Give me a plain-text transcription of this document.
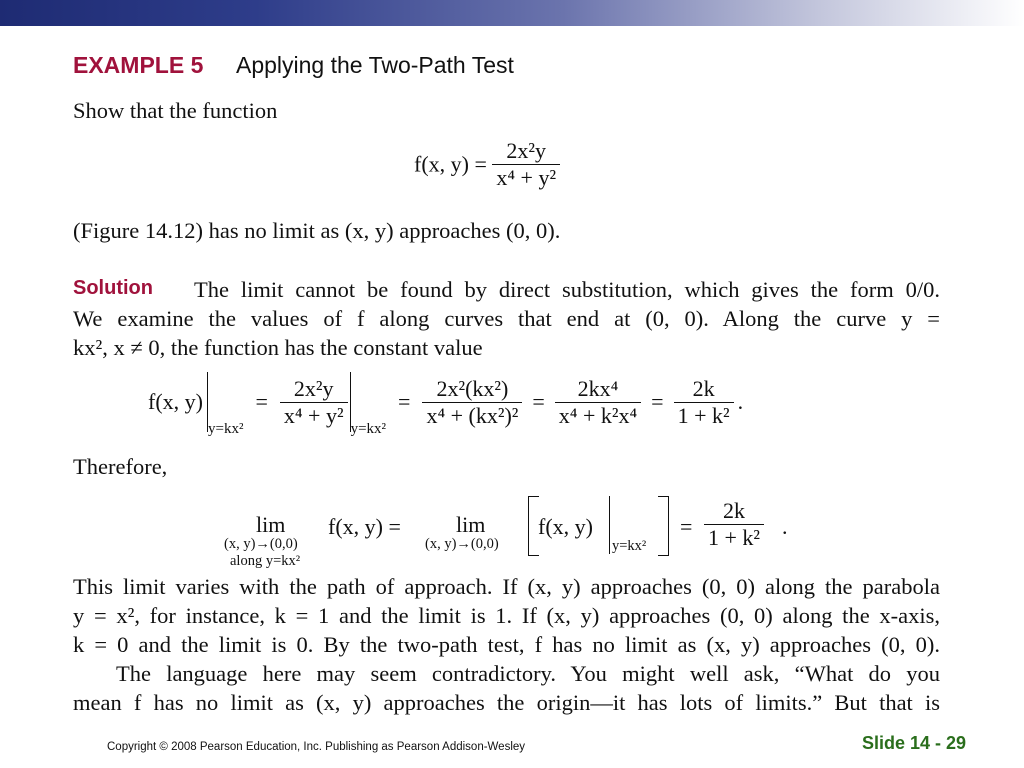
EXAMPLE 5 Applying the Two-Path Test
Show that the function
f(x, $y) = \frac{\text{2x²y}}{\text{x⁴ + y²}}$
(Figure 14.12) has no limit as (x, y) approaches (0, 0).
Solution The limit cannot be found by direct substitution, which gives the form 0/0.
We examine the values of f along curves that end at (0, 0). Along the curve y =
kx², x ≠ 0, the function has the constant value
f(x, y)
y=kx²
= $\frac{\text{2x²y}}{\text{x⁴ + y²}}$
y=kx²
= $\frac{\text{2x²(kx²)}}{\text{x⁴ + (kx²)²}} = \frac{\text{2kx⁴}}{\text{x⁴ + k²x⁴}} = \frac{2k}{\text{1 + k²}}$ .
Therefore,
lim
(x, y)→(0,0)
along y=kx²
f(x, y) =	lim
(x, y)→(0,0)
f(x, y)
y=kx²
= $\frac{2k}{\text{1 + k²}}$ .
This limit varies with the path of approach. If (x, y) approaches (0, 0) along the parabola
y = x², for instance, k = 1 and the limit is 1. If (x, y) approaches (0, 0) along the x-axis,
k = 0 and the limit is 0. By the two-path test, f has no limit as (x, y) approaches (0, 0).
The language here may seem contradictory. You might well ask, “What do you
mean f has no limit as (x, y) approaches the origin—it has lots of limits.” But that is
Copyright © 2008 Pearson Education, Inc. Publishing as Pearson Addison-Wesley	Slide 14 - 29
